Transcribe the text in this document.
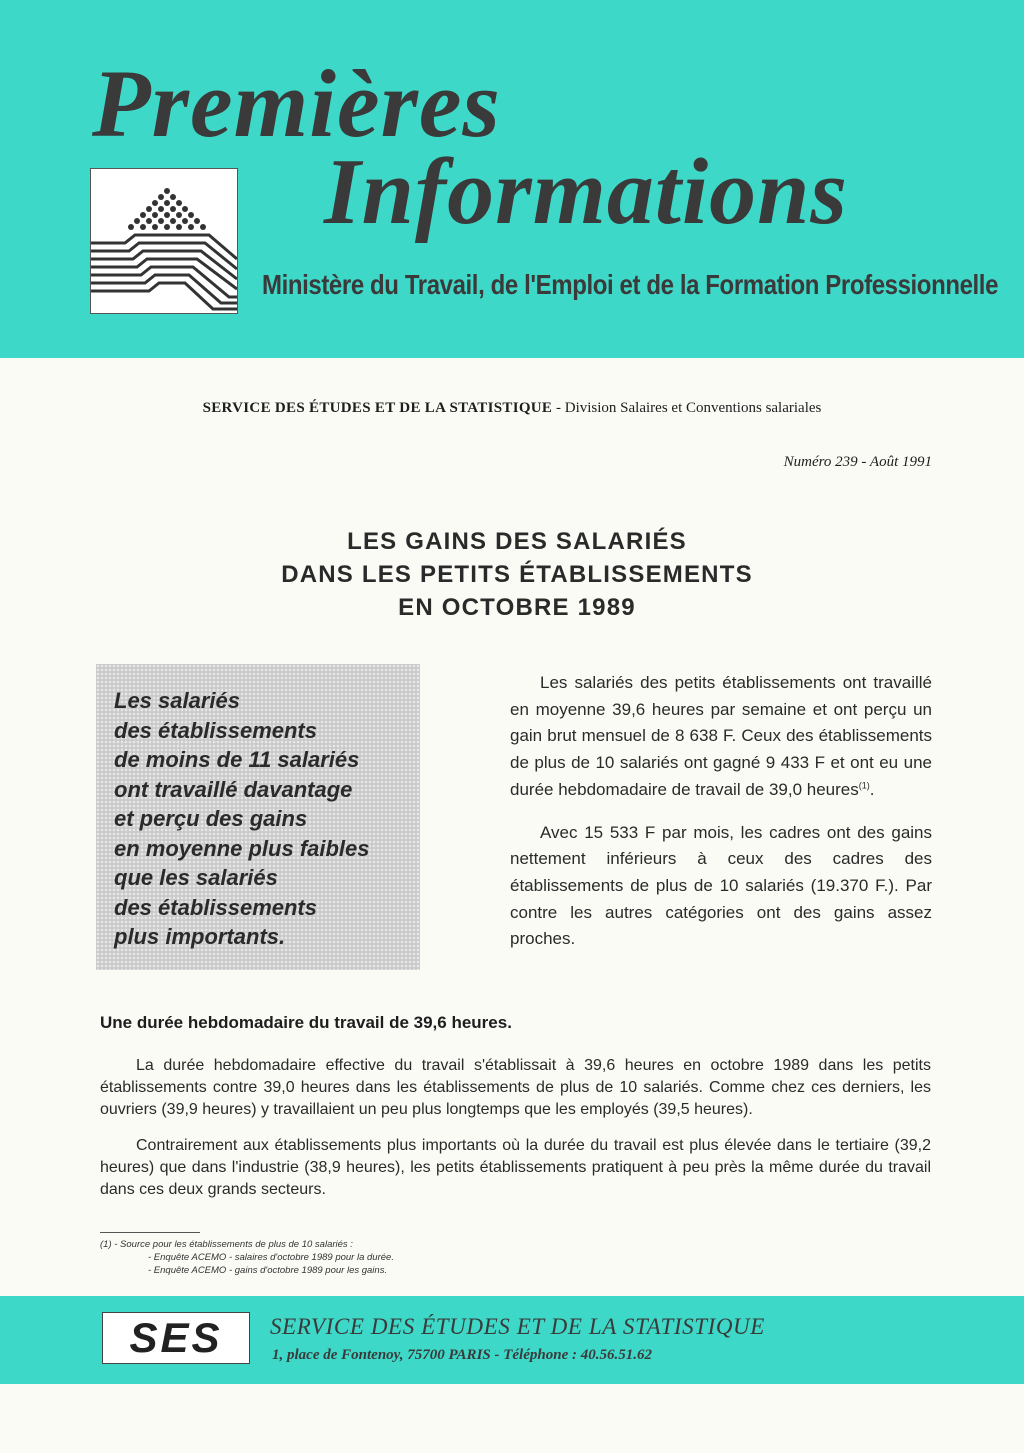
Premières
Informations
Ministère du Travail, de l'Emploi et de la Formation Professionnelle
SERVICE DES ÉTUDES ET DE LA STATISTIQUE - Division Salaires et Conventions salariales
Numéro 239 - Août 1991
LES GAINS DES SALARIÉS
DANS LES PETITS ÉTABLISSEMENTS
EN OCTOBRE 1989
Les salariés
des établissements
de moins de 11 salariés
ont travaillé davantage
et perçu des gains
en moyenne plus faibles
que les salariés
des établissements
plus importants.

Les salariés des petits établissements ont travaillé en moyenne 39,6 heures par semaine et ont perçu un gain brut mensuel de 8 638 F. Ceux des établissements de plus de 10 salariés ont gagné 9 433 F et ont eu une durée hebdomadaire de travail de 39,0 heures$^{(1)}$.

Avec 15 533 F par mois, les cadres ont des gains nettement inférieurs à ceux des cadres des établissements de plus de 10 salariés (19.370 F.). Par contre les autres catégories ont des gains assez proches.

Une durée hebdomadaire du travail de 39,6 heures.

La durée hebdomadaire effective du travail s'établissait à 39,6 heures en octobre 1989 dans les petits établissements contre 39,0 heures dans les établissements de plus de 10 salariés. Comme chez ces derniers, les ouvriers (39,9 heures) y travaillaient un peu plus longtemps que les employés (39,5 heures).

Contrairement aux établissements plus importants où la durée du travail est plus élevée dans le tertiaire (39,2 heures) que dans l'industrie (38,9 heures), les petits établissements pratiquent à peu près la même durée du travail dans ces deux grands secteurs.

(1) - Source pour les établissements de plus de 10 salariés :
- Enquête ACEMO - salaires d'octobre 1989 pour la durée.
- Enquête ACEMO - gains d'octobre 1989 pour les gains.
SES	SERVICE DES ÉTUDES ET DE LA STATISTIQUE
1, place de Fontenoy, 75700 PARIS - Téléphone : 40.56.51.62
